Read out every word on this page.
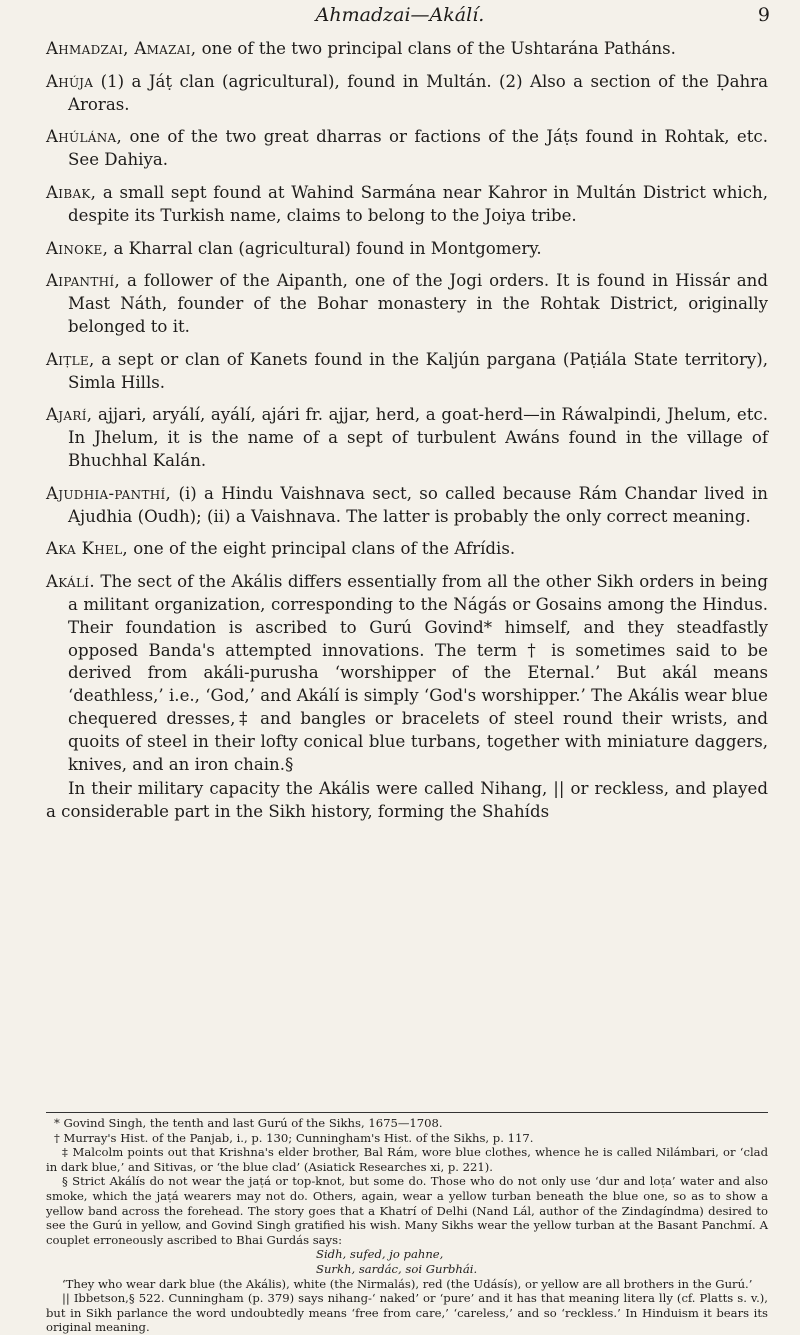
Ahmadzai—Akálí.	9

Ahmadzai, Amazai, one of the two principal clans of the Ushtarána Patháns.

Ahúja (1) a Jáṭ clan (agricultural), found in Multán. (2) Also a section of the Ḍahra Aroras.

Ahúlána, one of the two great dharras or factions of the Jáṭs found in Rohtak, etc. See Dahiya.

Aibak, a small sept found at Wahind Sarmána near Kahror in Multán District which, despite its Turkish name, claims to belong to the Joiya tribe.

Ainoke, a Kharral clan (agricultural) found in Montgomery.

Aipanthí, a follower of the Aipanth, one of the Jogi orders. It is found in Hissár and Mast Náth, founder of the Bohar monastery in the Rohtak District, originally belonged to it.

Aiṭle, a sept or clan of Kanets found in the Kaljún pargana (Paṭiála State territory), Simla Hills.

Ajarí, ajjari, aryálí, ayálí, ajári fr. ajjar, herd, a goat-herd—in Ráwalpindi, Jhelum, etc. In Jhelum, it is the name of a sept of turbulent Awáns found in the village of Bhuchhal Kalán.

Ajudhia-panthí, (i) a Hindu Vaishnava sect, so called because Rám Chandar lived in Ajudhia (Oudh); (ii) a Vaishnava. The latter is probably the only correct meaning.

Aka Khel, one of the eight principal clans of the Afrídis.

Akálí. The sect of the Akális differs essentially from all the other Sikh orders in being a militant organization, corresponding to the Nágás or Gosains among the Hindus. Their foundation is ascribed to Gurú Govind* himself, and they steadfastly opposed Banda's attempted innovations. The term † is sometimes said to be derived from akáli-purusha ‘worshipper of the Eternal.’ But akál means ‘deathless,’ i.e., ‘God,’ and Akálí is simply ‘God's worshipper.’ The Akális wear blue chequered dresses,‡ and bangles or bracelets of steel round their wrists, and quoits of steel in their lofty conical blue turbans, together with miniature daggers, knives, and an iron chain.§

In their military capacity the Akális were called Nihang, || or reckless, and played a considerable part in the Sikh history, forming the Shahíds

* Govind Singh, the tenth and last Gurú of the Sikhs, 1675—1708.

† Murray's Hist. of the Panjab, i., p. 130; Cunningham's Hist. of the Sikhs, p. 117.

‡ Malcolm points out that Krishna's elder brother, Bal Rám, wore blue clothes, whence he is called Nilámbari, or ‘clad in dark blue,’ and Sitivas, or ‘the blue clad’ (Asiatick Researches xi, p. 221).

§ Strict Akálís do not wear the jaṭá or top-knot, but some do. Those who do not only use ‘dur and loṭa’ water and also smoke, which the jaṭá wearers may not do. Others, again, wear a yellow turban beneath the blue one, so as to show a yellow band across the forehead. The story goes that a Khatrí of Delhi (Nand Lál, author of the Zindagíndma) desired to see the Gurú in yellow, and Govind Singh gratified his wish. Many Sikhs wear the yellow turban at the Basant Panchmí. A couplet erroneously ascribed to Bhai Gurdás says:

Sidh, sufed, jo pahne,

Surkh, sardác, soi Gurbhái.

‘They who wear dark blue (the Akális), white (the Nirmalás), red (the Udásís), or yellow are all brothers in the Gurú.’

|| Ibbetson,§ 522. Cunningham (p. 379) says nihang-‘ naked’ or ‘pure’ and it has that meaning litera lly (cf. Platts s. v.), but in Sikh parlance the word undoubtedly means ‘free from care,’ ‘careless,’ and so ‘reckless.’ In Hinduism it bears its original meaning.
